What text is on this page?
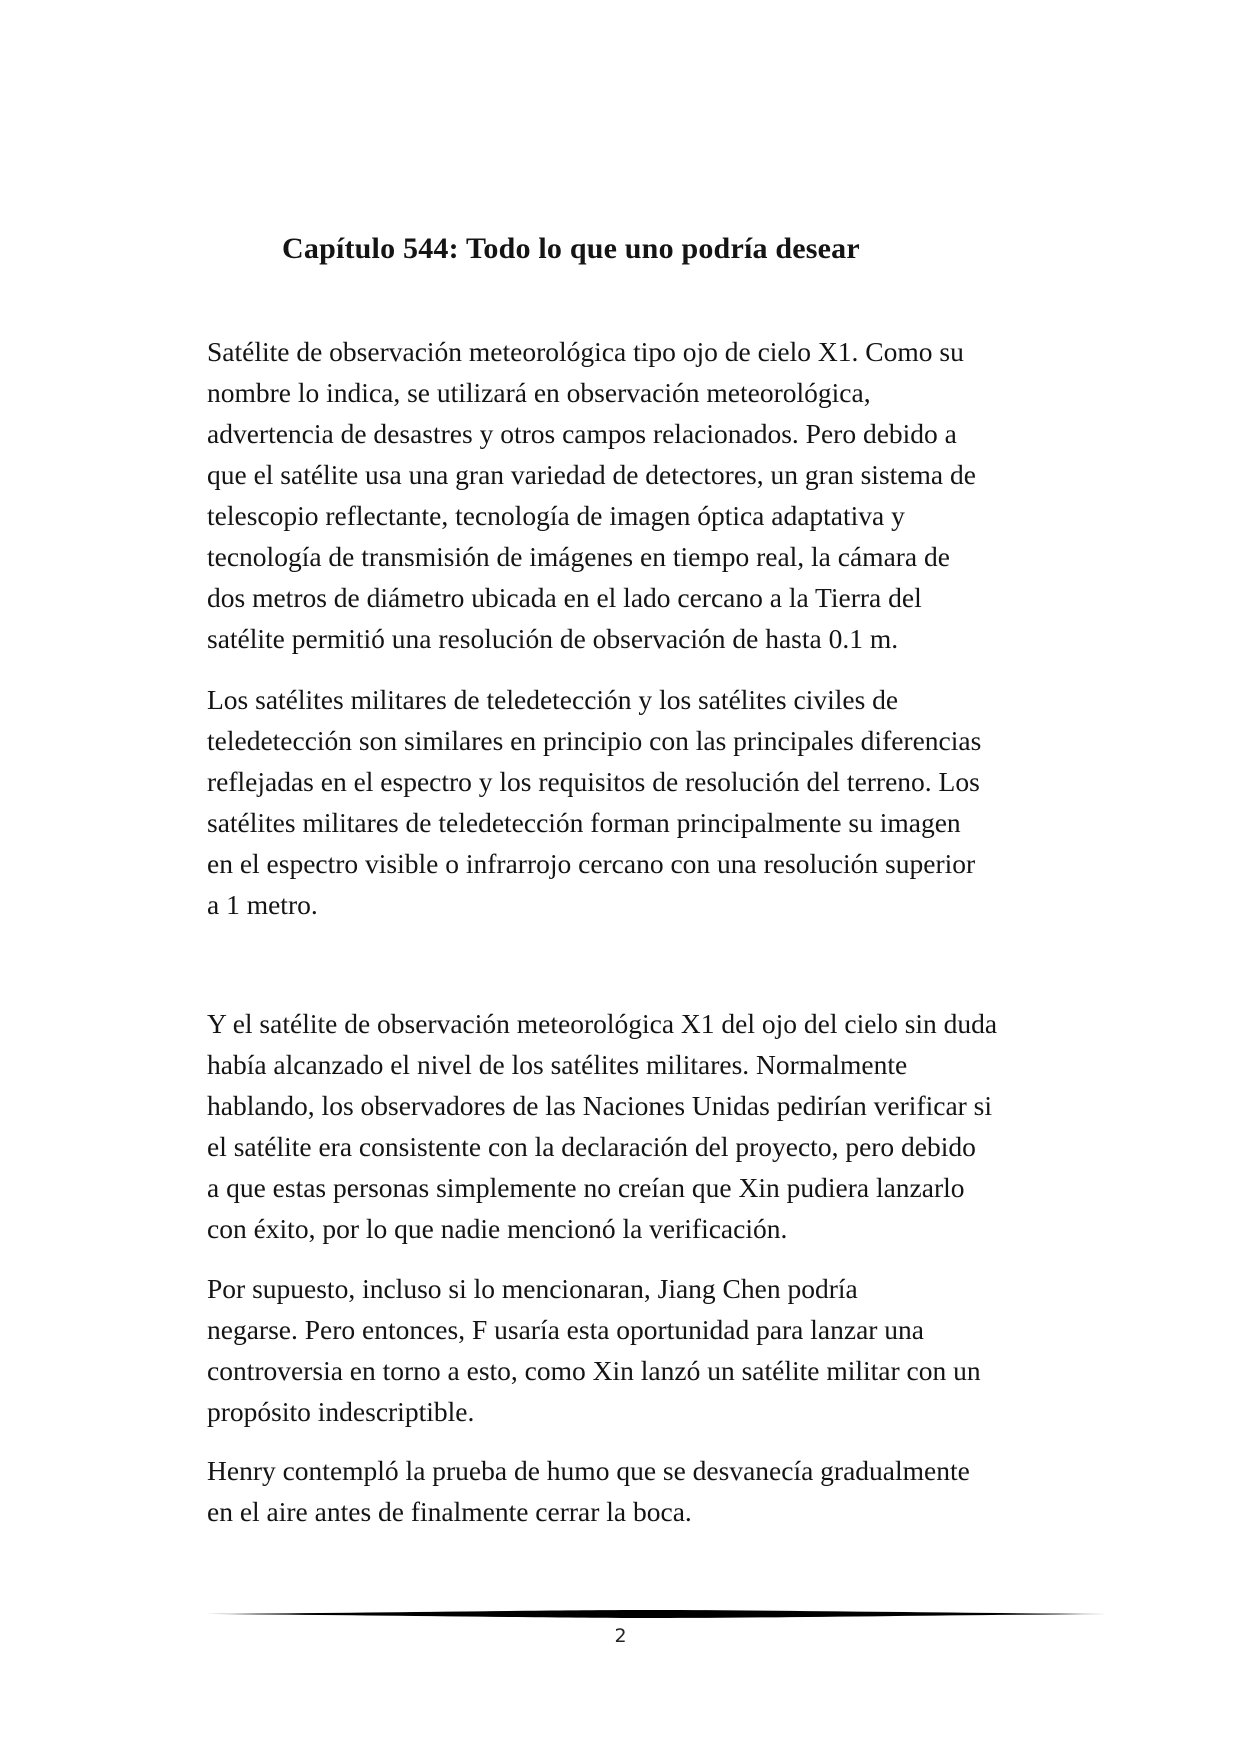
Capítulo 544: Todo lo que uno podría desear

Satélite de observación meteorológica tipo ojo de cielo X1. Como su
nombre lo indica, se utilizará en observación meteorológica,
advertencia de desastres y otros campos relacionados. Pero debido a
que el satélite usa una gran variedad de detectores, un gran sistema de
telescopio reflectante, tecnología de imagen óptica adaptativa y
tecnología de transmisión de imágenes en tiempo real, la cámara de
dos metros de diámetro ubicada en el lado cercano a la Tierra del
satélite permitió una resolución de observación de hasta 0.1 m.

Los satélites militares de teledetección y los satélites civiles de
teledetección son similares en principio con las principales diferencias
reflejadas en el espectro y los requisitos de resolución del terreno. Los
satélites militares de teledetección forman principalmente su imagen
en el espectro visible o infrarrojo cercano con una resolución superior
a 1 metro.

Y el satélite de observación meteorológica X1 del ojo del cielo sin duda
había alcanzado el nivel de los satélites militares. Normalmente
hablando, los observadores de las Naciones Unidas pedirían verificar si
el satélite era consistente con la declaración del proyecto, pero debido
a que estas personas simplemente no creían que Xin pudiera lanzarlo
con éxito, por lo que nadie mencionó la verificación.

Por supuesto, incluso si lo mencionaran, Jiang Chen podría
negarse. Pero entonces, F usaría esta oportunidad para lanzar una
controversia en torno a esto, como Xin lanzó un satélite militar con un
propósito indescriptible.

Henry contempló la prueba de humo que se desvanecía gradualmente
en el aire antes de finalmente cerrar la boca.

2
